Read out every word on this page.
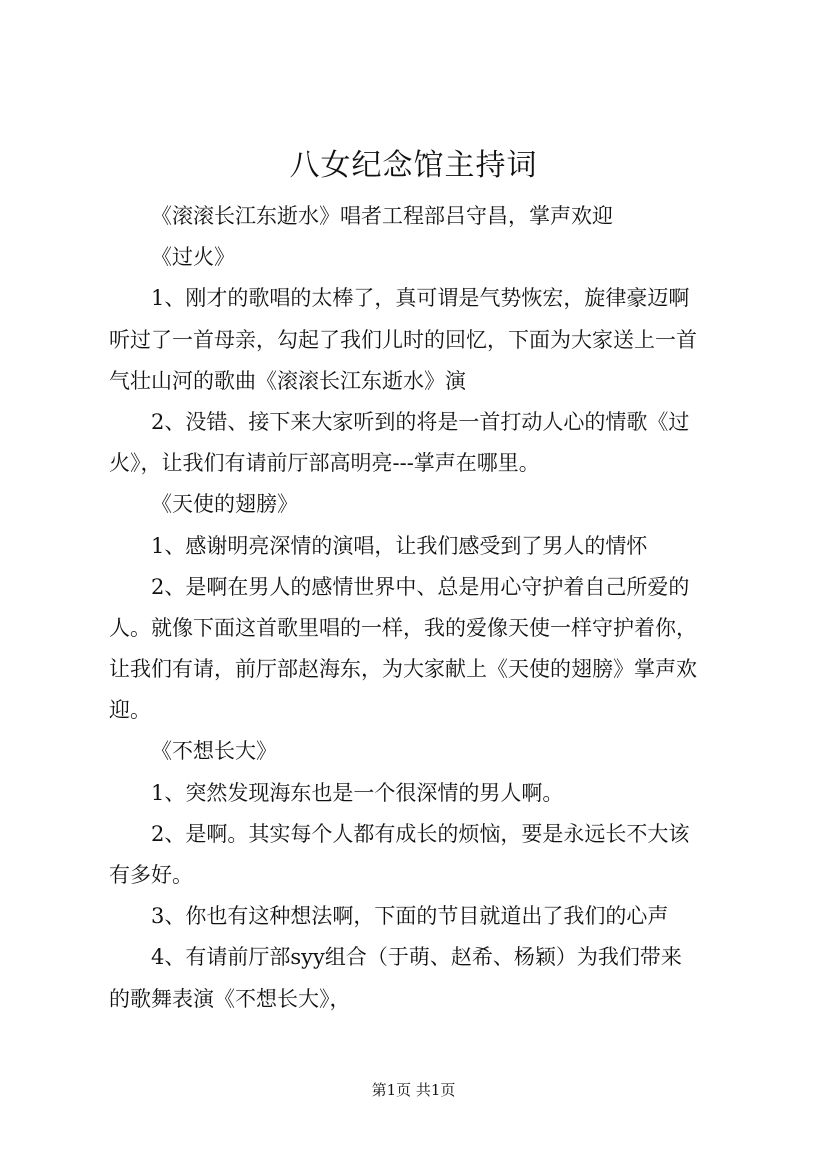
八女纪念馆主持词
《滚滚长江东逝水》唱者工程部吕守昌，掌声欢迎
《过火》
1、刚才的歌唱的太棒了，真可谓是气势恢宏，旋律豪迈啊
听过了一首母亲，勾起了我们儿时的回忆，下面为大家送上一首
气壮山河的歌曲《滚滚长江东逝水》演
2、没错、接下来大家听到的将是一首打动人心的情歌《过
火》，让我们有请前厅部高明亮---掌声在哪里。
《天使的翅膀》
1、感谢明亮深情的演唱，让我们感受到了男人的情怀
2、是啊在男人的感情世界中、总是用心守护着自己所爱的
人。就像下面这首歌里唱的一样，我的爱像天使一样守护着你，
让我们有请，前厅部赵海东，为大家献上《天使的翅膀》掌声欢
迎。
《不想长大》
1、突然发现海东也是一个很深情的男人啊。
2、是啊。其实每个人都有成长的烦恼，要是永远长不大该
有多好。
3、你也有这种想法啊，下面的节目就道出了我们的心声
4、有请前厅部syy组合（于萌、赵希、杨颖）为我们带来
的歌舞表演《不想长大》，
第1页 共1页
